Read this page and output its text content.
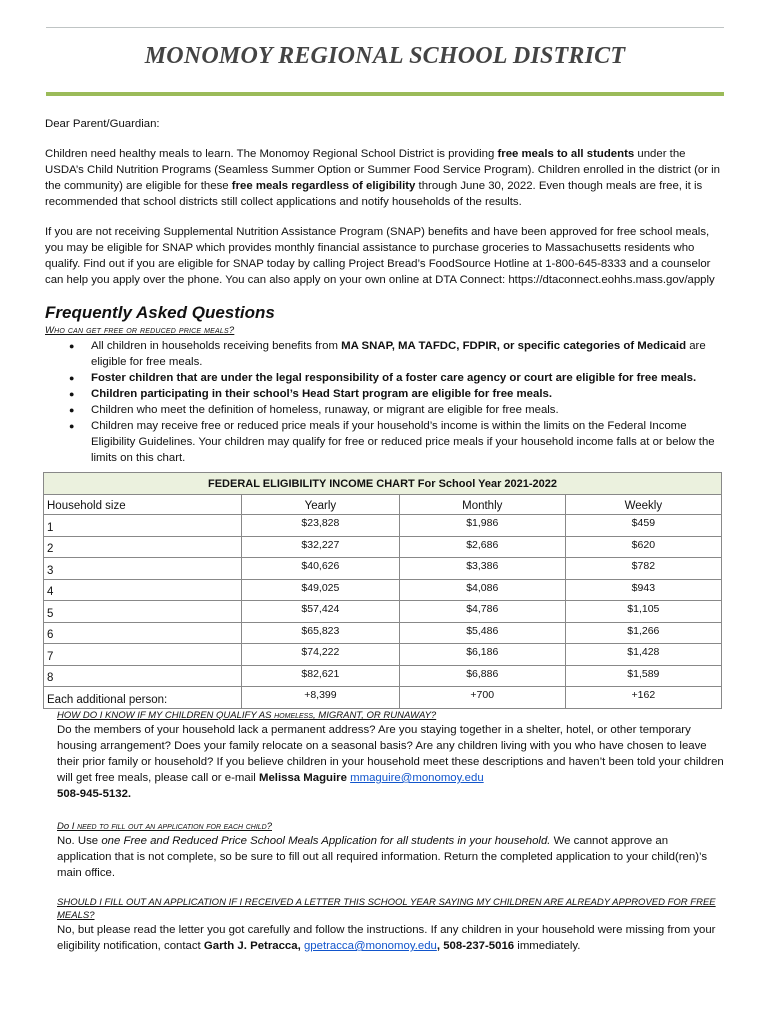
MONOMOY REGIONAL SCHOOL DISTRICT

Dear Parent/Guardian:

Children need healthy meals to learn. The Monomoy Regional School District is providing free meals to all students under the USDA’s Child Nutrition Programs (Seamless Summer Option or Summer Food Service Program). Children enrolled in the district (or in the community) are eligible for these free meals regardless of eligibility through June 30, 2022. Even though meals are free, it is recommended that school districts still collect applications and notify households of the results.

If you are not receiving Supplemental Nutrition Assistance Program (SNAP) benefits and have been approved for free school meals, you may be eligible for SNAP which provides monthly financial assistance to purchase groceries to Massachusetts residents who qualify. Find out if you are eligible for SNAP today by calling Project Bread’s FoodSource Hotline at 1-800-645-8333 and a counselor can help you apply over the phone. You can also apply on your own online at DTA Connect: https://dtaconnect.eohhs.mass.gov/apply

Frequently Asked Questions
Who can get free or reduced price meals?
● All children in households receiving benefits from MA SNAP, MA TAFDC, FDPIR, or specific categories of Medicaid are eligible for free meals.
● Foster children that are under the legal responsibility of a foster care agency or court are eligible for free meals.
● Children participating in their school’s Head Start program are eligible for free meals.
● Children who meet the definition of homeless, runaway, or migrant are eligible for free meals.
● Children may receive free or reduced price meals if your household’s income is within the limits on the Federal Income Eligibility Guidelines. Your children may qualify for free or reduced price meals if your household income falls at or below the limits on this chart.
FEDERAL ELIGIBILITY INCOME CHART For School Year 2021-2022			
Household size	Yearly	Monthly	Weekly
1	$23,828	$1,986	$459
2	$32,227	$2,686	$620
3	$40,626	$3,386	$782
4	$49,025	$4,086	$943
5	$57,424	$4,786	$1,105
6	$65,823	$5,486	$1,266
7	$74,222	$6,186	$1,428
8	$82,621	$6,886	$1,589
Each additional person:	+8,399	+700	+162
HOW DO I KNOW IF MY CHILDREN QUALIFY AS homeless, MIGRANT, OR RUNAWAY?

Do the members of your household lack a permanent address? Are you staying together in a shelter, hotel, or other temporary housing arrangement? Does your family relocate on a seasonal basis? Are any children living with you who have chosen to leave their prior family or household? If you believe children in your household meet these descriptions and haven’t been told your children will get free meals, please call or e-mail Melissa Maguire mmaguire@monomoy.edu
508-945-5132.

Do I need to fill out an application for each child?

No. Use one Free and Reduced Price School Meals Application for all students in your household. We cannot approve an application that is not complete, so be sure to fill out all required information. Return the completed application to your child(ren)’s main office.

SHOULD I FILL OUT AN APPLICATION IF I RECEIVED A LETTER THIS SCHOOL YEAR SAYING MY CHILDREN ARE ALREADY APPROVED FOR FREE MEALS?

No, but please read the letter you got carefully and follow the instructions. If any children in your household were missing from your eligibility notification, contact Garth J. Petracca, gpetracca@monomoy.edu, 508-237-5016 immediately.
